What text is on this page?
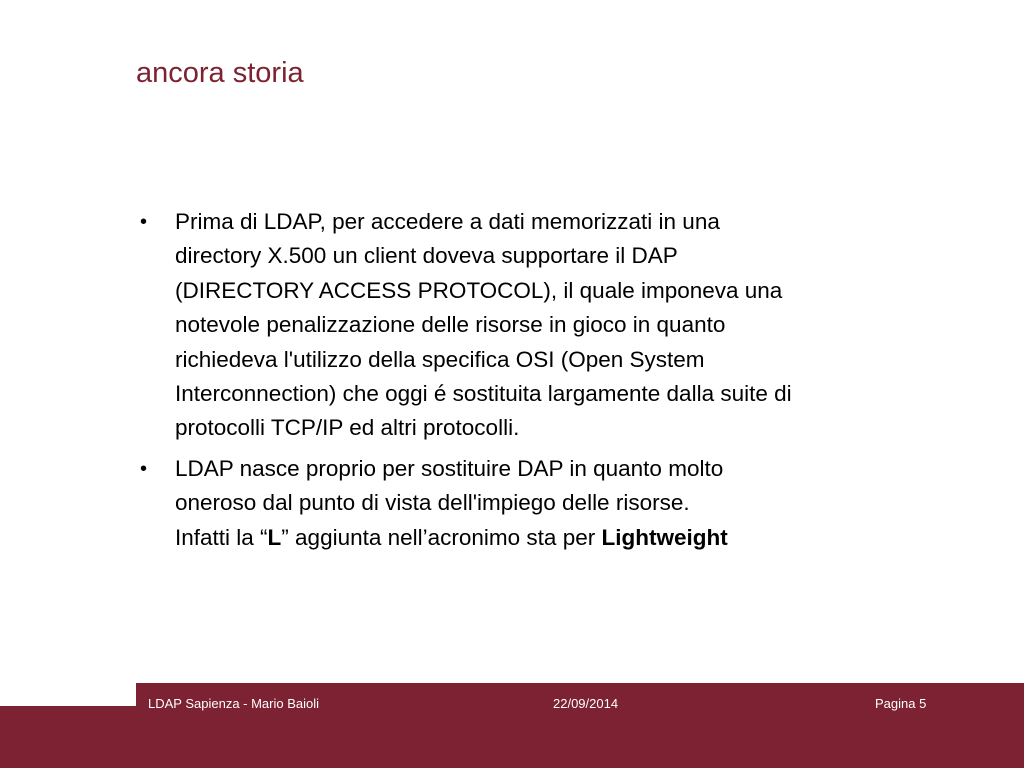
ancora storia
• Prima di LDAP, per accedere a dati memorizzati in una
directory X.500 un client doveva supportare il DAP
(DIRECTORY ACCESS PROTOCOL), il quale imponeva una
notevole penalizzazione delle risorse in gioco in quanto
richiedeva l'utilizzo della specifica OSI (Open System
Interconnection) che oggi é sostituita largamente dalla suite di
protocolli TCP/IP ed altri protocolli.
• LDAP nasce proprio per sostituire DAP in quanto molto
oneroso dal punto di vista dell'impiego delle risorse.
Infatti la “L” aggiunta nell’acronimo sta per Lightweight
LDAP Sapienza - Mario Baioli	22/09/2014	Pagina 5
